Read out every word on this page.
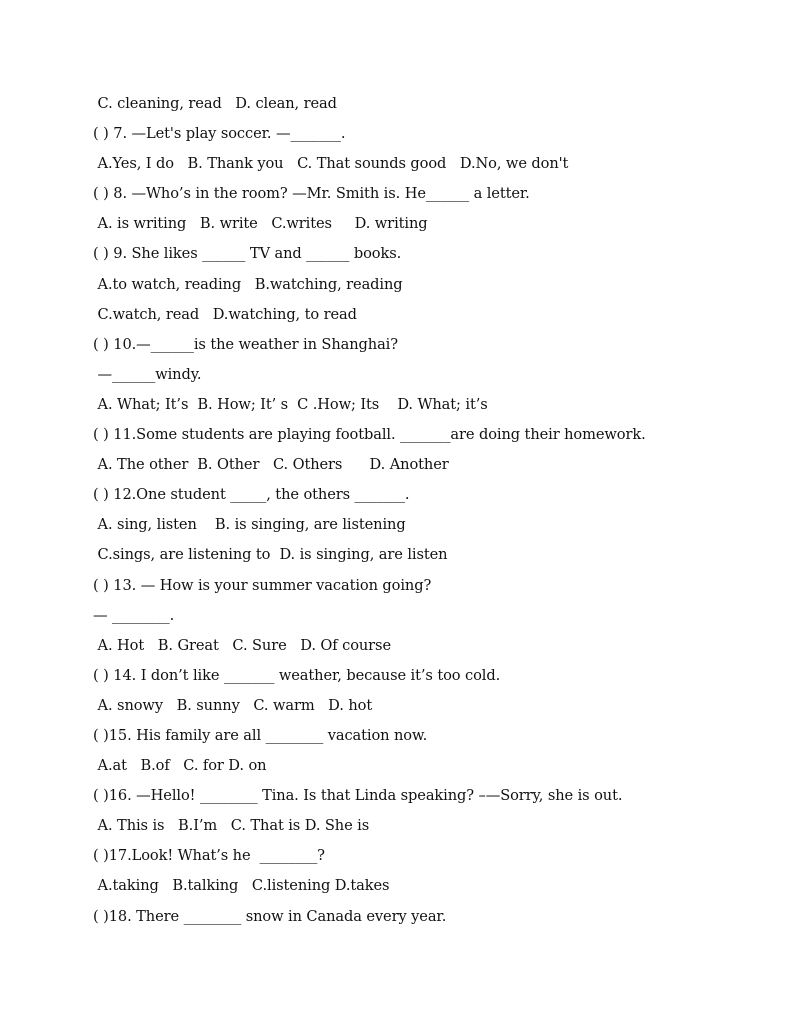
C. cleaning, read   D. clean, read
( ) 7. —Let's play soccer. —_______.
A.Yes, I do   B. Thank you   C. That sounds good   D.No, we don't
( ) 8. —Who’s in the room? —Mr. Smith is. He______ a letter.
A. is writing   B. write   C.writes     D. writing
( ) 9. She likes ______ TV and ______ books.
A.to watch, reading   B.watching, reading
C.watch, read   D.watching, to read
( ) 10.—______is the weather in Shanghai?
—______windy.
A. What; It’s  B. How; It’ s  C .How; Its    D. What; it’s
( ) 11.Some students are playing football. _______are doing their homework.
A. The other  B. Other   C. Others      D. Another
( ) 12.One student _____, the others _______.
A. sing, listen    B. is singing, are listening
C.sings, are listening to  D. is singing, are listen
( ) 13. — How is your summer vacation going?
— ________.
A. Hot   B. Great   C. Sure   D. Of course
( ) 14. I don’t like _______ weather, because it’s too cold.
A. snowy   B. sunny   C. warm   D. hot
( )15. His family are all ________ vacation now.
A.at   B.of   C. for D. on
( )16. —Hello! ________ Tina. Is that Linda speaking? –—Sorry, she is out.
A. This is   B.I’m   C. That is D. She is
( )17.Look! What’s he  ________?
A.taking   B.talking   C.listening D.takes
( )18. There ________ snow in Canada every year.
